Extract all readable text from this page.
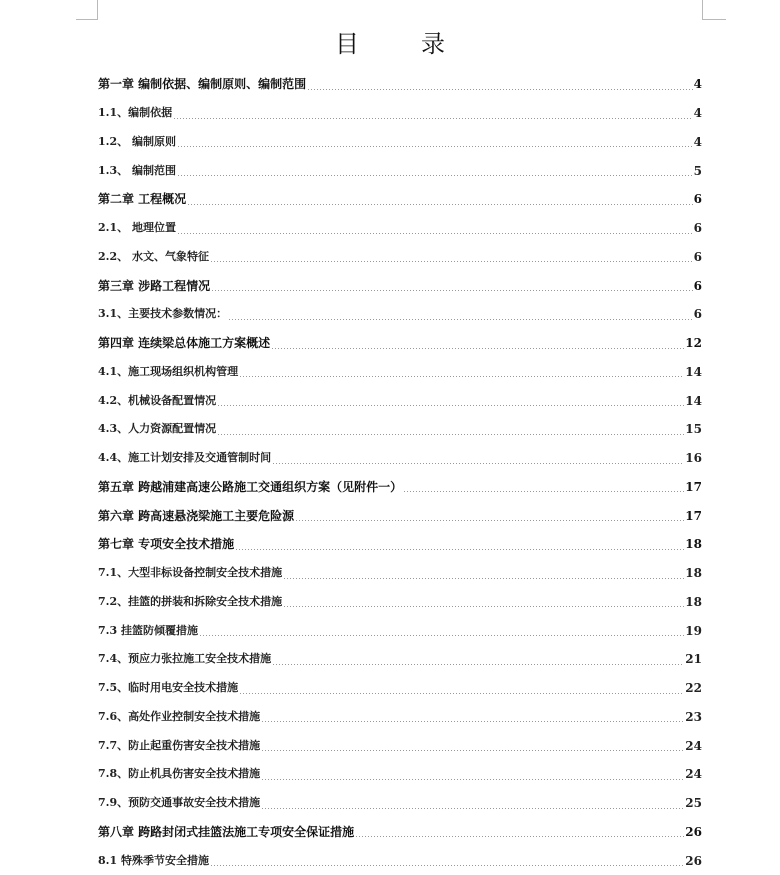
目	录
第一章 编制依据、编制原则、编制范围	4
1.1、编制依据	4
1.2、 编制原则	4
1.3、 编制范围	5
第二章 工程概况	6
2.1、 地理位置	6
2.2、 水文、气象特征	6
第三章 涉路工程情况	6
3.1、主要技术参数情况：	6
第四章 连续梁总体施工方案概述	12
4.1、施工现场组织机构管理	14
4.2、机械设备配置情况	14
4.3、人力资源配置情况	15
4.4、施工计划安排及交通管制时间	16
第五章 跨越浦建高速公路施工交通组织方案（见附件一）	17
第六章 跨高速悬浇梁施工主要危险源	17
第七章 专项安全技术措施	18
7.1、大型非标设备控制安全技术措施	18
7.2、挂篮的拼装和拆除安全技术措施	18
7.3 挂篮防倾覆措施	19
7.4、预应力张拉施工安全技术措施	21
7.5、临时用电安全技术措施	22
7.6、高处作业控制安全技术措施	23
7.7、防止起重伤害安全技术措施	24
7.8、防止机具伤害安全技术措施	24
7.9、预防交通事故安全技术措施	25
第八章 跨路封闭式挂篮法施工专项安全保证措施	26
8.1 特殊季节安全措施	26
